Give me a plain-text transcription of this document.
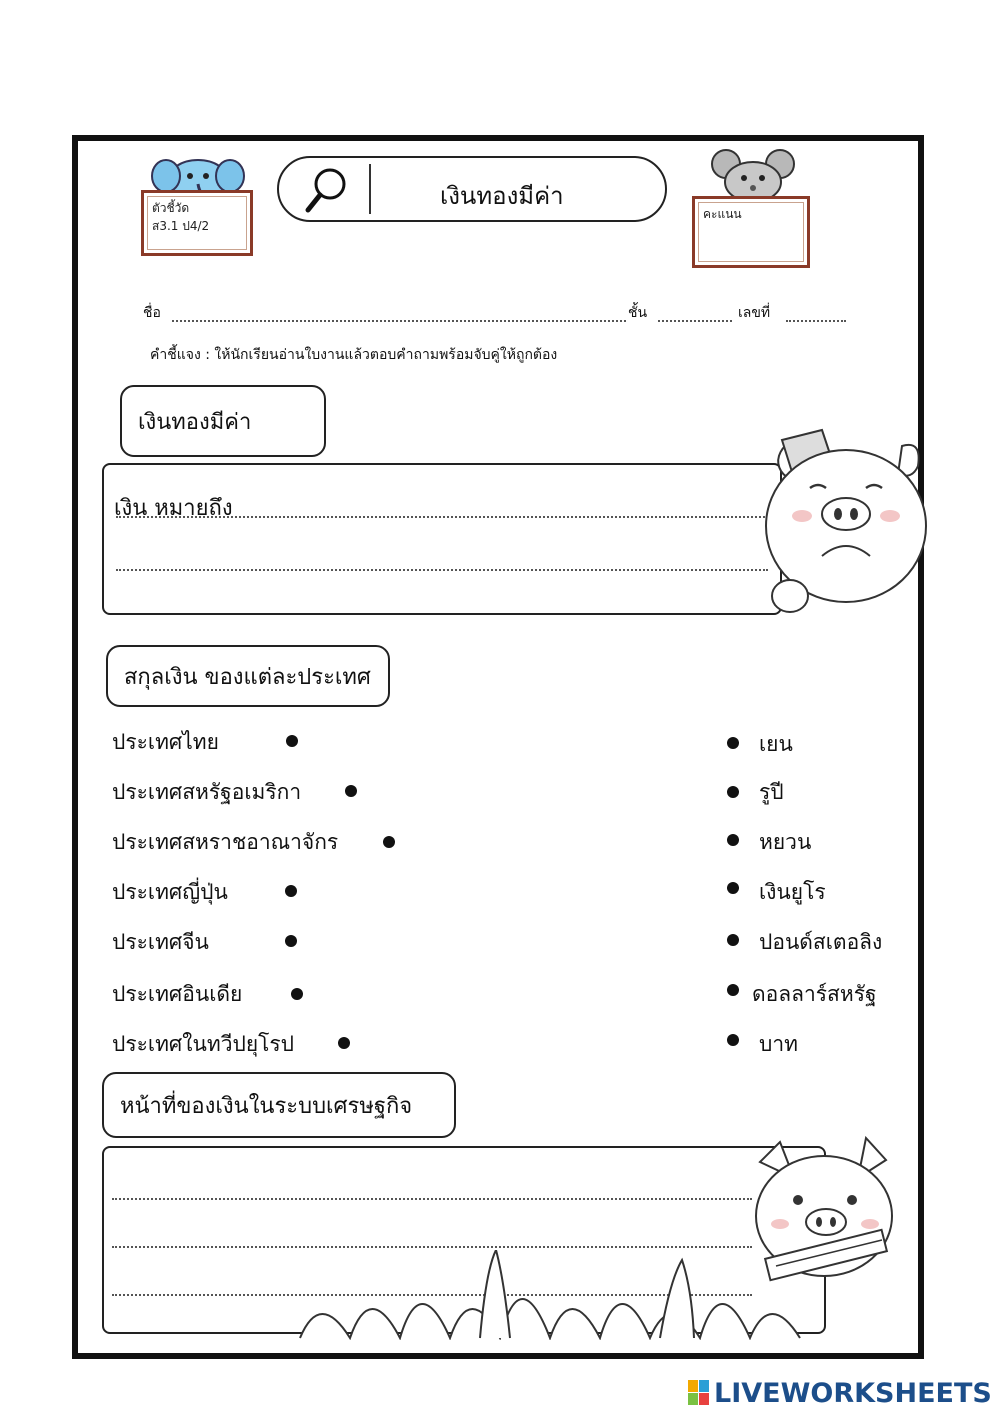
ตัวชี้วัด
ส3.1 ป4/2
เงินทองมีค่า
คะแนน
ชื่อ	ชั้น	เลขที่
คำชี้แจง : ให้นักเรียนอ่านใบงานแล้วตอบคำถามพร้อมจับคู่ให้ถูกต้อง
เงินทองมีค่า
เงิน หมายถึง
สกุลเงิน ของแต่ละประเทศ
ประเทศไทย
ประเทศสหรัฐอเมริกา
ประเทศสหราชอาณาจักร
ประเทศญี่ปุ่น
ประเทศจีน
ประเทศอินเดีย
ประเทศในทวีปยุโรป
เยน
รูปี
หยวน
เงินยูโร
ปอนด์สเตอลิง
ดอลลาร์สหรัฐ
บาท
หน้าที่ของเงินในระบบเศรษฐกิจ
LIVEWORKSHEETS
